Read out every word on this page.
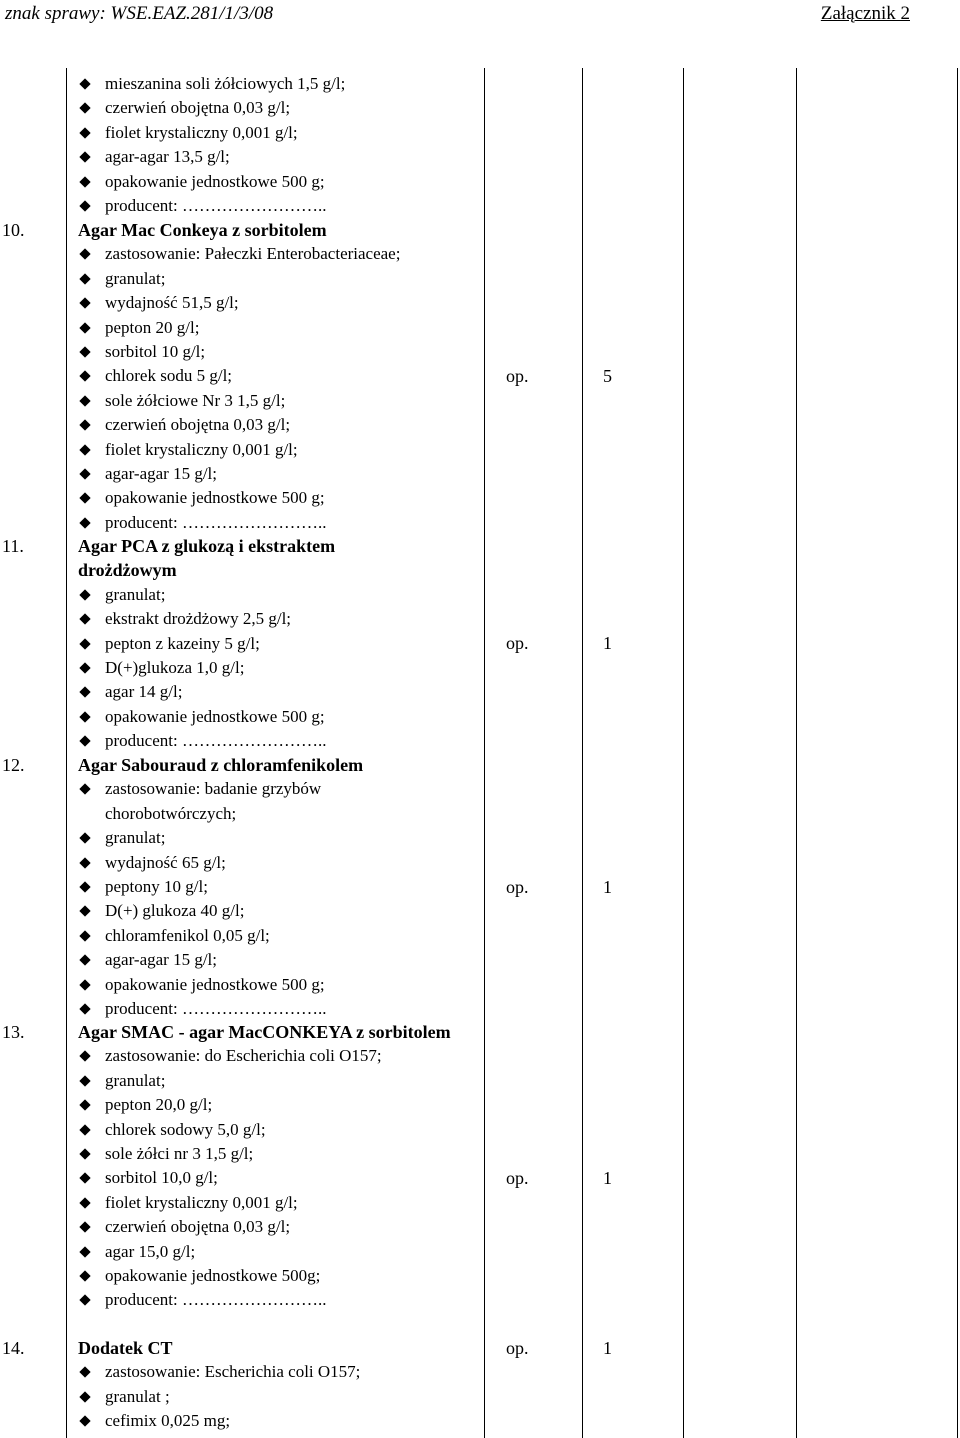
znak sprawy: WSE.EAZ.281/1/3/08	Załącznik 2
mieszanina soli żółciowych 1,5 g/l;
czerwień obojętna 0,03 g/l;
fiolet krystaliczny 0,001 g/l;
agar-agar 13,5 g/l;
opakowanie jednostkowe 500 g;
producent: ……………………..
10.	Agar Mac Conkeya z sorbitolem

zastosowanie: Pałeczki Enterobacteriaceae;
granulat;
wydajność 51,5 g/l;
pepton 20 g/l;
sorbitol 10 g/l;
chlorek sodu 5 g/l;
sole żółciowe Nr 3 1,5 g/l;
czerwień obojętna 0,03 g/l;
fiolet krystaliczny 0,001 g/l;
agar-agar 15 g/l;
opakowanie jednostkowe 500 g;
producent: ……………………..
op.	5
11.	Agar PCA z glukozą i ekstraktem drożdżowym

granulat;
ekstrakt drożdżowy 2,5 g/l;
pepton z kazeiny 5 g/l;
D(+)glukoza 1,0 g/l;
agar 14 g/l;
opakowanie jednostkowe 500 g;
producent: ……………………..
op.	1
12.	Agar Sabouraud z chloramfenikolem

zastosowanie: badanie grzybów chorobotwórczych;
granulat;
wydajność 65 g/l;
peptony 10 g/l;
D(+) glukoza 40 g/l;
chloramfenikol 0,05 g/l;
agar-agar 15 g/l;
opakowanie jednostkowe 500 g;
producent: ……………………..
op.	1
13.	Agar SMAC - agar MacCONKEYA z sorbitolem

zastosowanie: do Escherichia coli O157;
granulat;
pepton 20,0 g/l;
chlorek sodowy 5,0 g/l;
sole żółci nr 3 1,5 g/l;
sorbitol 10,0 g/l;
fiolet krystaliczny 0,001 g/l;
czerwień obojętna 0,03 g/l;
agar 15,0 g/l;
opakowanie jednostkowe 500g;
producent: ……………………..
op.	1
14.	Dodatek CT

zastosowanie: Escherichia coli O157;
granulat ;
cefimix 0,025 mg;
op.	1
